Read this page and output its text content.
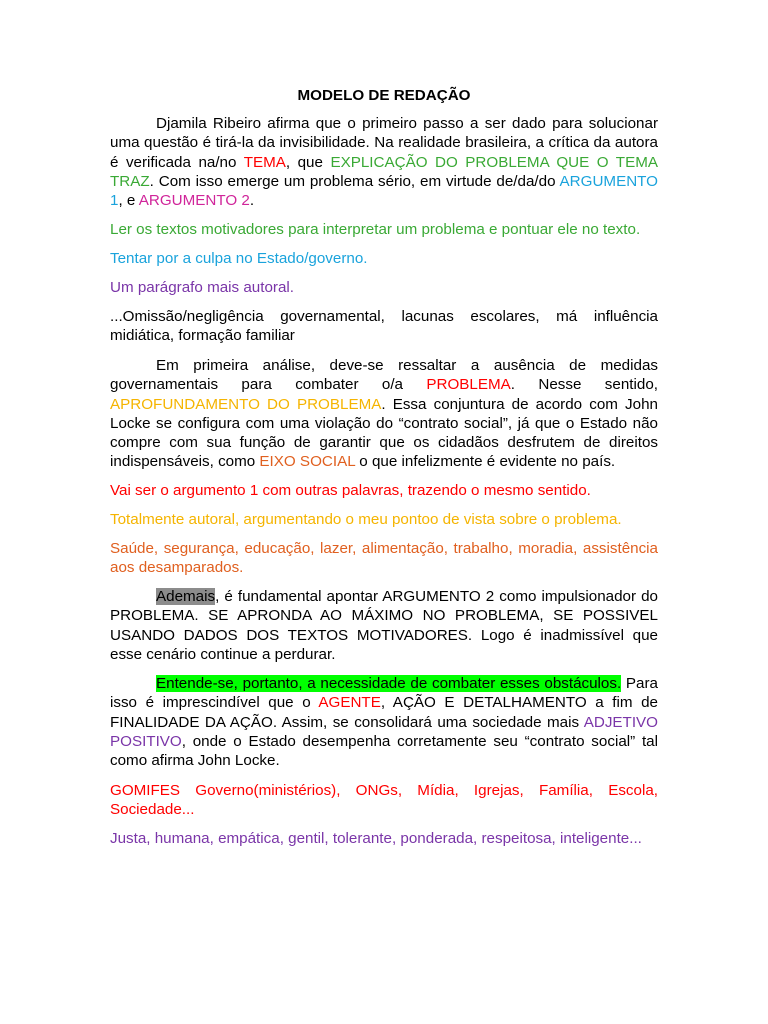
MODELO DE REDAÇÃO

Djamila Ribeiro afirma que o primeiro passo a ser dado para solucionar uma questão é tirá-la da invisibilidade. Na realidade brasileira, a crítica da autora é verificada na/no TEMA, que EXPLICAÇÃO DO PROBLEMA QUE O TEMA TRAZ. Com isso emerge um problema sério, em virtude de/da/do ARGUMENTO 1, e ARGUMENTO 2.

Ler os textos motivadores para interpretar um problema e pontuar ele no texto.

Tentar por a culpa no Estado/governo.

Um parágrafo mais autoral.

...Omissão/negligência governamental, lacunas escolares, má influência midiática, formação familiar

Em primeira análise, deve-se ressaltar a ausência de medidas governamentais para combater o/a PROBLEMA. Nesse sentido, APROFUNDAMENTO DO PROBLEMA. Essa conjuntura de acordo com John Locke se configura com uma violação do “contrato social”, já que o Estado não compre com sua função de garantir que os cidadãos desfrutem de direitos indispensáveis, como EIXO SOCIAL o que infelizmente é evidente no país.

Vai ser o argumento 1 com outras palavras, trazendo o mesmo sentido.

Totalmente autoral, argumentando o meu pontoo de vista sobre o problema.

Saúde, segurança, educação, lazer, alimentação, trabalho, moradia, assistência aos desamparados.

Ademais, é fundamental apontar ARGUMENTO 2 como impulsionador do PROBLEMA. SE APRONDA AO MÁXIMO NO PROBLEMA, SE POSSIVEL USANDO DADOS DOS TEXTOS MOTIVADORES. Logo é inadmissível que esse cenário continue a perdurar.

Entende-se, portanto, a necessidade de combater esses obstáculos. Para isso é imprescindível que o AGENTE, AÇÃO E DETALHAMENTO a fim de FINALIDADE DA AÇÃO. Assim, se consolidará uma sociedade mais ADJETIVO POSITIVO, onde o Estado desempenha corretamente seu “contrato social” tal como afirma John Locke.

GOMIFES Governo(ministérios), ONGs, Mídia, Igrejas, Família, Escola, Sociedade...

Justa, humana, empática, gentil, tolerante, ponderada, respeitosa, inteligente...
